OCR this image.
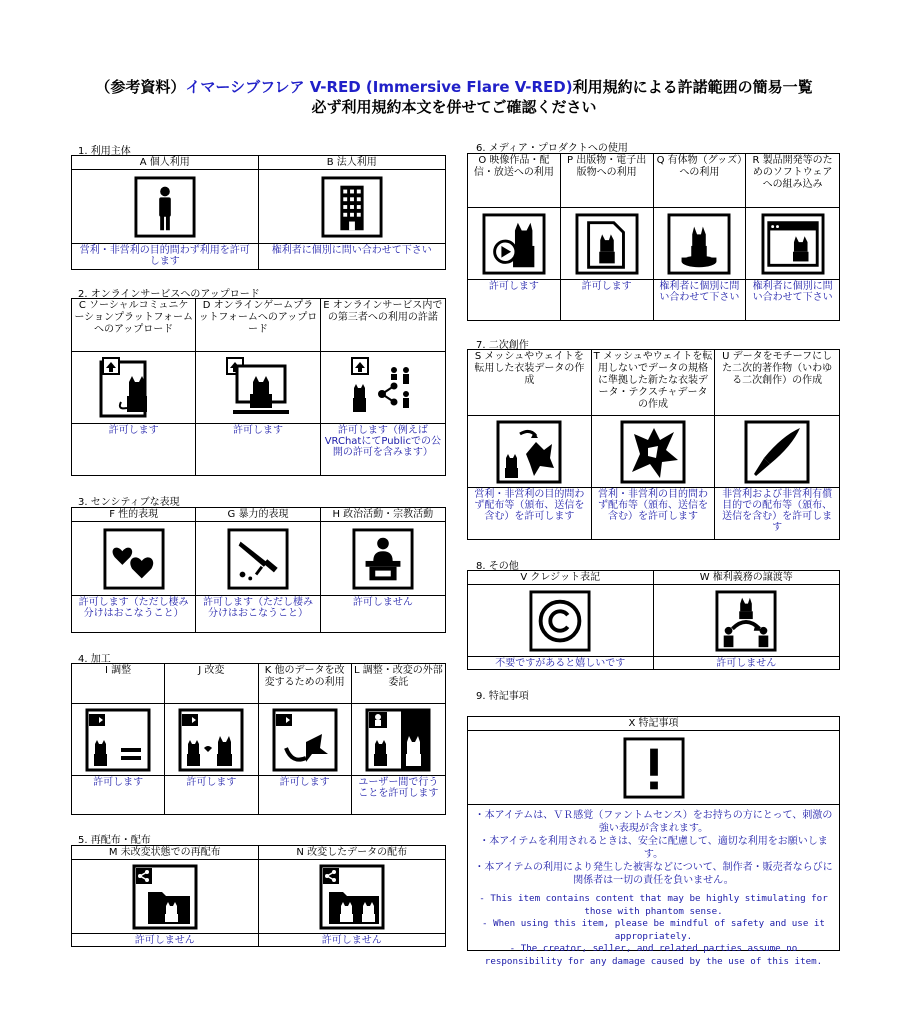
（参考資料）イマーシブフレア V-RED (Immersive Flare V-RED)利用規約による許諾範囲の簡易一覧
必ず利用規約本文を併せてご確認ください
1. 利用主体
A 個人利用
営利・非営利の目的問わず利用を許可します
B 法人利用
権利者に個別に問い合わせて下さい
2. オンラインサービスへのアップロード
C ソーシャルコミュニケーションプラットフォームへのアップロード
許可します
D オンラインゲームプラットフォームへのアップロード
許可します
E オンラインサービス内での第三者への利用の許諾
許可します（例えばVRChatにてPublicでの公開の許可を含みます）
3. センシティブな表現
F 性的表現
許可します（ただし棲み分けはおこなうこと）
G 暴力的表現
許可します（ただし棲み分けはおこなうこと）
H 政治活動・宗教活動
許可しません
4. 加工
I 調整
許可します
J 改変
許可します
K 他のデータを改変するための利用
許可します
L 調整・改変の外部委託
ユーザー間で行うことを許可します
5. 再配布・配布
M 未改変状態での再配布
許可しません
N 改変したデータの配布
許可しません
6. メディア・プロダクトへの使用
O 映像作品・配信・放送への利用
許可します
P 出版物・電子出版物への利用
許可します
Q 有体物（グッズ）への利用
権利者に個別に問い合わせて下さい
R 製品開発等のためのソフトウェアへの組み込み
権利者に個別に問い合わせて下さい
7. 二次創作
S メッシュやウェイトを転用した衣装データの作成
営利・非営利の目的問わず配布等（頒布、送信を含む）を許可します
T メッシュやウェイトを転用しないでデータの規格に準拠した新たな衣装データ・テクスチャデータの作成
営利・非営利の目的問わず配布等（頒布、送信を含む）を許可します
U データをモチーフにした二次的著作物（いわゆる二次創作）の作成
非営利および非営利有償目的での配布等（頒布、送信を含む）を許可します
8. その他
V クレジット表記
不要ですがあると嬉しいです
W 権利義務の譲渡等
許可しません
9. 特記事項
X 特記事項
・本アイテムは、ＶＲ感覚（ファントムセンス）をお持ちの方にとって、刺激の強い表現が含まれます。
・本アイテムを利用されるときは、安全に配慮して、適切な利用をお願いします。
・本アイテムの利用により発生した被害などについて、制作者・販売者ならびに関係者は一切の責任を負いません。
- This item contains content that may be highly stimulating for those with phantom sense.
- When using this item, please be mindful of safety and use it appropriately.
- The creator, seller, and related parties assume no responsibility for any damage caused by the use of this item.
